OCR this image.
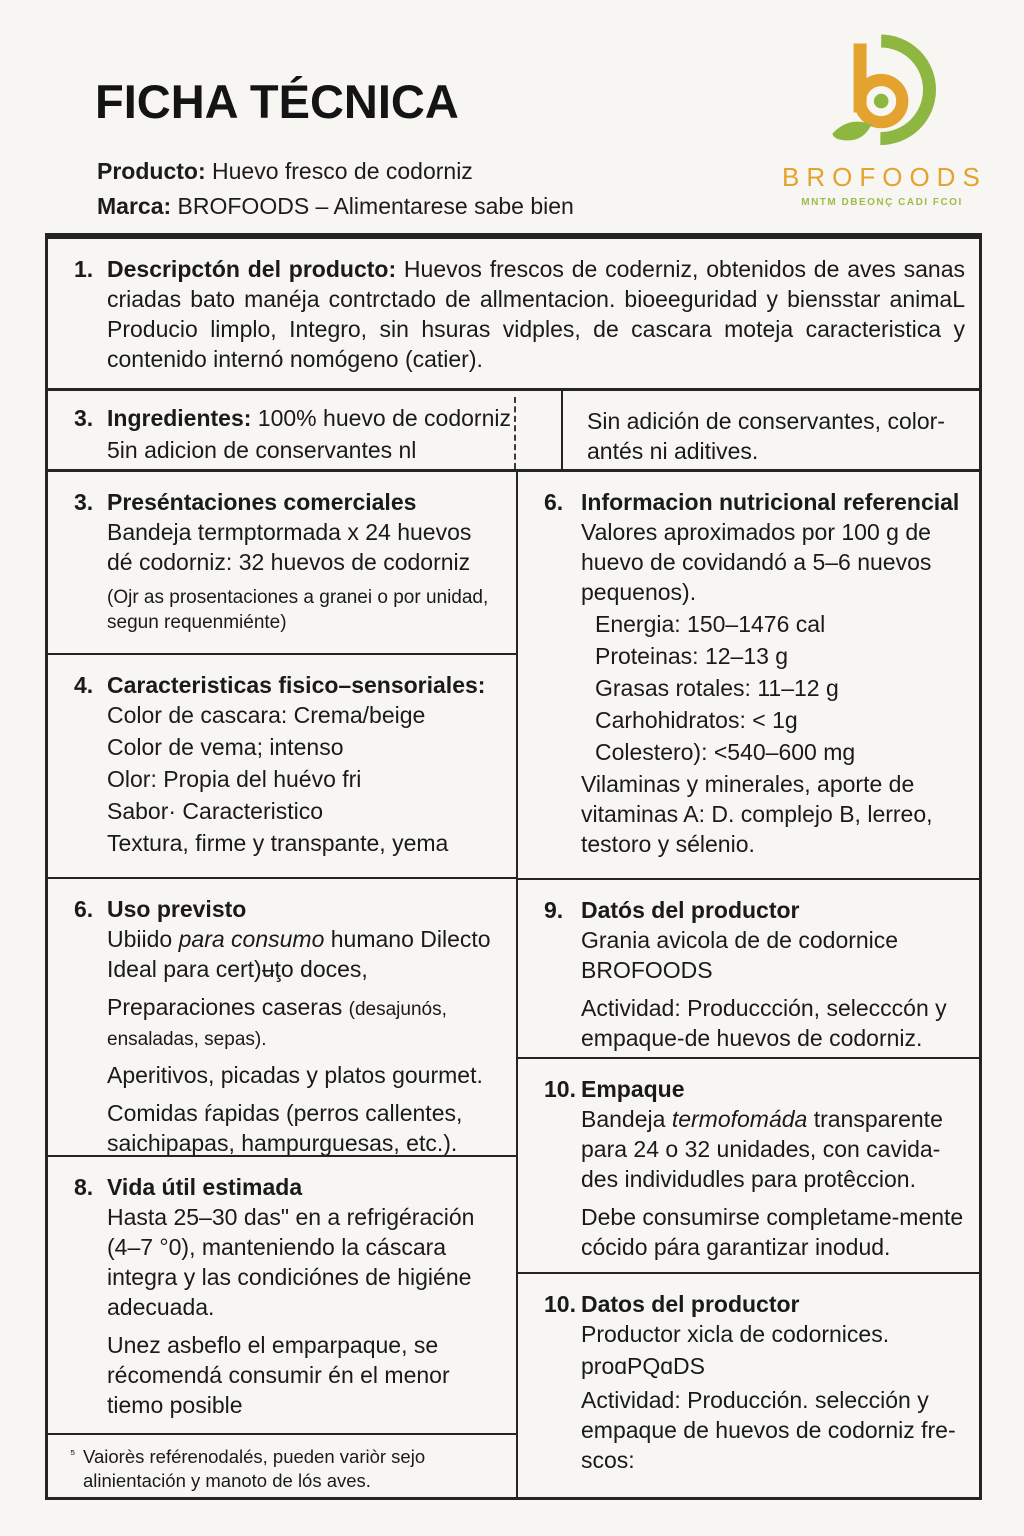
FICHA TÉCNICA
Producto: Huevo fresco de codorniz
Marca: BROFOODS – Alimentarese sabe bien
BROFOODS
MNTM DBEONÇ CADI FCOI
1. Descripctón del producto: Huevos frescos de coderniz, obtenidos de aves sanas criadas bato manéja contrctado de allmentacion. bioeeguridad y biensstar animaL Producio limplo, Integro, sin hsuras vidples, de cascara moteja caracteristica y contenido internó nomógeno (catier).

3. Ingredientes: 100% huevo de codorniz

5in adicion de conservantes nl

Sin adición de conservantes, color-antés ni aditives.

3. Preséntaciones comerciales

Bandeja termptormada x 24 huevos dé codorniz: 32 huevos de codorniz

(Ojr as prosentaciones a granei o por unidad, segun requenmiénte)

4. Caracteristicas fisico–sensoriales:

Color de cascara: Crema/beige

Color de vema; intenso

Olor: Propia del huévo fri

Sabor· Caracteristico

Textura, firme y transpante, yema

6. Uso previsto

Ubiido para consumo humano Dilecto Ideal para cert)ʉţo doces,

Preparaciones caseras (desajunós, ensaladas, sepas).

Aperitivos, picadas y platos gourmet.

Comidas ŕapidas (perros callentes, saichipapas, hampurguesas, etc.).

8. Vida útil estimada

Hasta 25–30 das" en a refrigéración (4–7 °0), manteniendo la cáscara integra y las condiciónes de higiéne adecuada.

Unez asbeflo el emparpaque, se récomendá consumir én el menor tiemo posible

⁵ Vaiorès reférenodalés, pueden variòr sejo alinientación y manoto de lós aves.
6. Informacion nutricional referencial

Valores aproximados por 100 g de huevo de covidandó a 5–6 nuevos pequenos).

Energia: 150–1476 cal

Proteinas: 12–13 g

Grasas rotales: 11–12 g

Carhohidratos: < 1g

Colestero): <540–600 mg

Vilaminas y minerales, aporte de vitaminas A: D. complejo B, lerreo, testoro y sélenio.

9. Datós del productor

Grania avicola de de codornice BROFOODS

Actividad: Produccción, selecccón y empaque-de huevos de codorniz.

10. Empaque

Bandeja termofomáda transparente para 24 o 32 unidades, con cavida-des individudles para protêccion.

Debe consumirse completame-mente cócido pára garantizar inodud.

10. Datos del productor

Productor xicla de codornices.

proɑPQɑDS

Actividad: Producción. selección y empaque de huevos de codorniz fre-scos:
